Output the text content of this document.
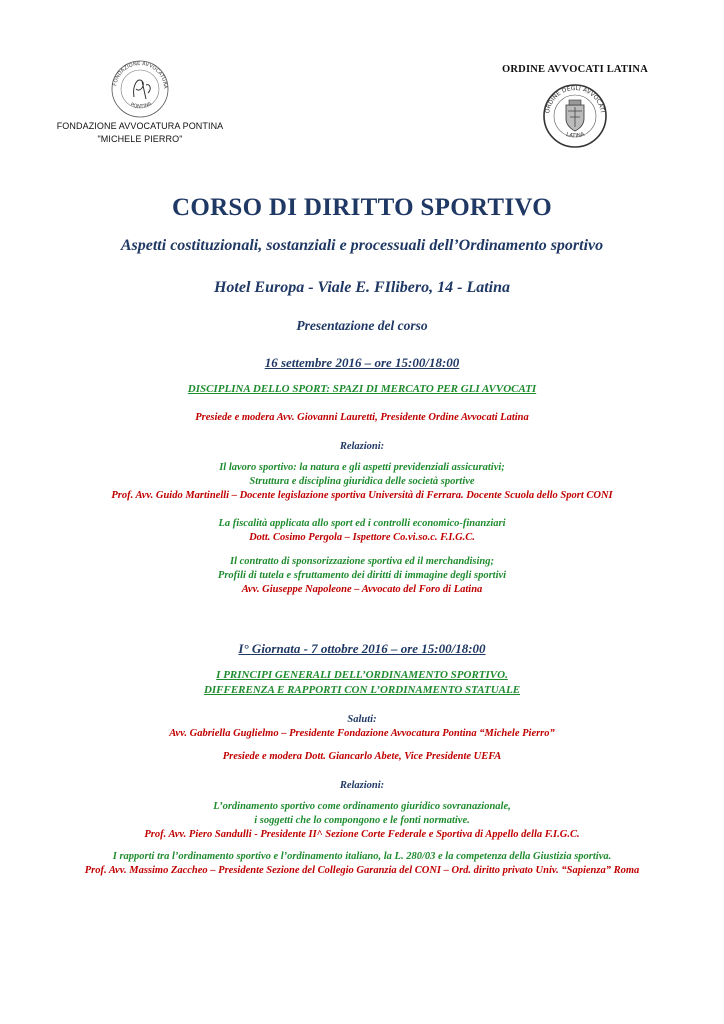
FONDAZIONE AVVOCATURA
PONTINA
FONDAZIONE AVVOCATURA PONTINA
"MICHELE PIERRO"
ORDINE AVVOCATI LATINA
ORDINE DEGLI AVVOCATI
LATINA
CORSO DI DIRITTO SPORTIVO
Aspetti costituzionali, sostanziali e processuali dell’Ordinamento sportivo
Hotel Europa - Viale E. FIlibero, 14 - Latina
Presentazione del corso
16 settembre 2016 – ore 15:00/18:00
DISCIPLINA DELLO SPORT: SPAZI DI MERCATO PER GLI AVVOCATI
Presiede e modera Avv. Giovanni Lauretti, Presidente Ordine Avvocati Latina
Relazioni:
Il lavoro sportivo: la natura e gli aspetti previdenziali assicurativi;
Struttura e disciplina giuridica delle società sportive
Prof. Avv. Guido Martinelli – Docente legislazione sportiva Università di Ferrara. Docente Scuola dello Sport CONI
La fiscalità applicata allo sport ed i controlli economico-finanziari
Dott. Cosimo Pergola – Ispettore Co.vi.so.c. F.I.G.C.
Il contratto di sponsorizzazione sportiva ed il merchandising;
Profili di tutela e sfruttamento dei diritti di immagine degli sportivi
Avv. Giuseppe Napoleone – Avvocato del Foro di Latina
I° Giornata - 7 ottobre 2016 – ore 15:00/18:00
I PRINCIPI GENERALI DELL’ORDINAMENTO SPORTIVO.
DIFFERENZA E RAPPORTI CON L’ORDINAMENTO STATUALE
Saluti:
Avv. Gabriella Guglielmo – Presidente Fondazione Avvocatura Pontina “Michele Pierro”
Presiede e modera Dott. Giancarlo Abete, Vice Presidente UEFA
Relazioni:
L’ordinamento sportivo come ordinamento giuridico sovranazionale,
i soggetti che lo compongono e le fonti normative.
Prof. Avv. Piero Sandulli - Presidente II^ Sezione Corte Federale e Sportiva di Appello della F.I.G.C.
I rapporti tra l’ordinamento sportivo e l’ordinamento italiano, la L. 280/03 e la competenza della Giustizia sportiva.
Prof. Avv. Massimo Zaccheo – Presidente Sezione del Collegio Garanzia del CONI – Ord. diritto privato Univ. “Sapienza” Roma
